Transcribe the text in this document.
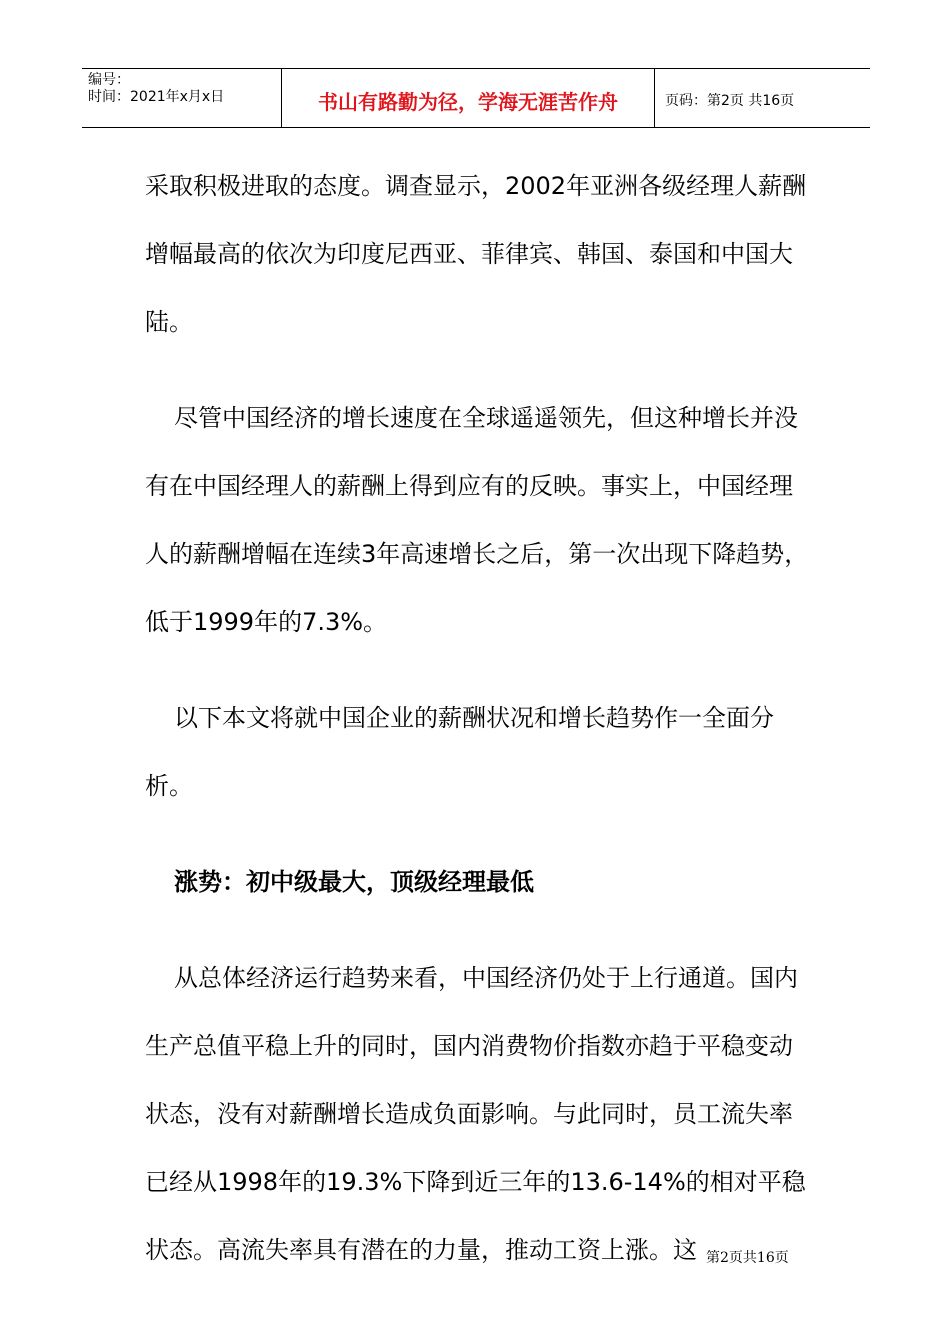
编号：
时间：2021年x月x日	书山有路勤为径，学海无涯苦作舟	页码：第2页 共16页

采取积极进取的态度。调查显示，2002年亚洲各级经理人薪酬增幅最高的依次为印度尼西亚、菲律宾、韩国、泰国和中国大陆。

尽管中国经济的增长速度在全球遥遥领先，但这种增长并没有在中国经理人的薪酬上得到应有的反映。事实上，中国经理人的薪酬增幅在连续3年高速增长之后，第一次出现下降趋势，低于1999年的7.3%。

以下本文将就中国企业的薪酬状况和增长趋势作一全面分析。

涨势：初中级最大，顶级经理最低

从总体经济运行趋势来看，中国经济仍处于上行通道。国内生产总值平稳上升的同时，国内消费物价指数亦趋于平稳变动状态，没有对薪酬增长造成负面影响。与此同时，员工流失率已经从1998年的19.3%下降到近三年的13.6-14%的相对平稳状态。高流失率具有潜在的力量，推动工资上涨。这 第2页共16页
